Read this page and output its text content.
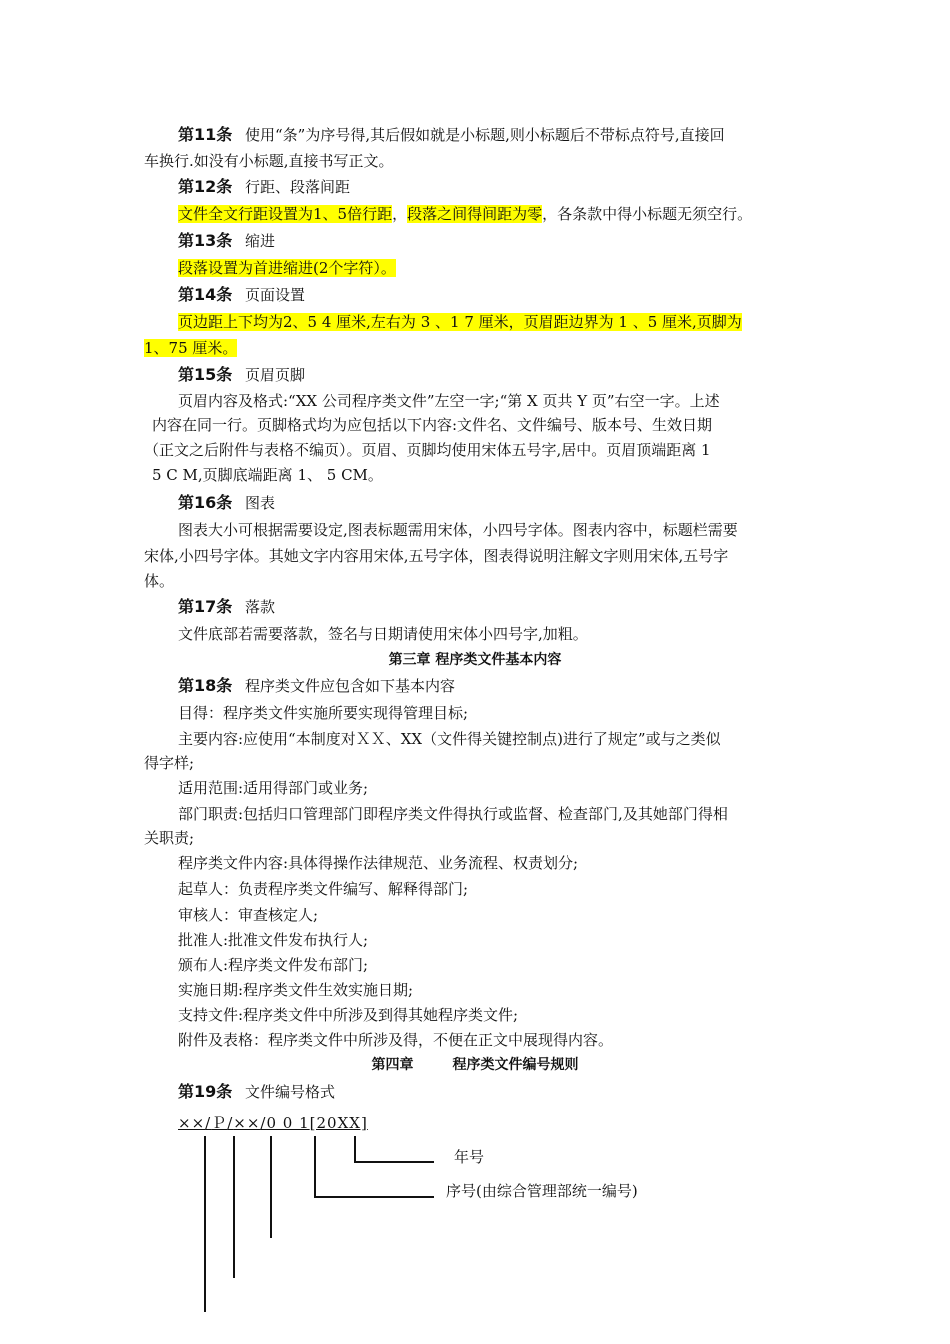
第11条 使用“条”为序号得,其后假如就是小标题,则小标题后不带标点符号,直接回
车换行.如没有小标题,直接书写正文。
第12条 行距、段落间距
文件全文行距设置为1、5倍行距，段落之间得间距为零，各条款中得小标题无须空行。
第13条 缩进
段落设置为首进缩进(2个字符）。
第14条 页面设置
页边距上下均为2、5 4 厘米,左右为 3 、1 7 厘米，页眉距边界为 1 、5 厘米,页脚为
1、75 厘米。
第15条 页眉页脚
页眉内容及格式:“XX 公司程序类文件”左空一字;“第 X 页共 Y 页”右空一字。上述
内容在同一行。页脚格式均为应包括以下内容:文件名、文件编号、版本号、生效日期
（正文之后附件与表格不编页）。页眉、页脚均使用宋体五号字,居中。页眉顶端距离 1
5 C M,页脚底端距离 1、 5 CM。
第16条 图表
图表大小可根据需要设定,图表标题需用宋体，小四号字体。图表内容中，标题栏需要
宋体,小四号字体。其她文字内容用宋体,五号字体，图表得说明注解文字则用宋体,五号字
体。
第17条 落款
文件底部若需要落款，签名与日期请使用宋体小四号字,加粗。
第三章 程序类文件基本内容
第18条 程序类文件应包含如下基本内容
目得：程序类文件实施所要实现得管理目标;
主要内容:应使用“本制度对ＸＸ、XX（文件得关键控制点)进行了规定”或与之类似
得字样;
适用范围:适用得部门或业务;
部门职责:包括归口管理部门即程序类文件得执行或监督、检查部门,及其她部门得相
关职责;
程序类文件内容:具体得操作法律规范、业务流程、权责划分;
起草人：负责程序类文件编写、解释得部门;
审核人：审查核定人;
批准人:批准文件发布执行人;
颁布人:程序类文件发布部门;
实施日期:程序类文件生效实施日期;
支持文件:程序类文件中所涉及到得其她程序类文件;
附件及表格：程序类文件中所涉及得，不便在正文中展现得内容。
第四章        程序类文件编号规则
第19条 文件编号格式
××/Ｐ/××/0 0 1[20XX]
年号
序号(由综合管理部统一编号)
